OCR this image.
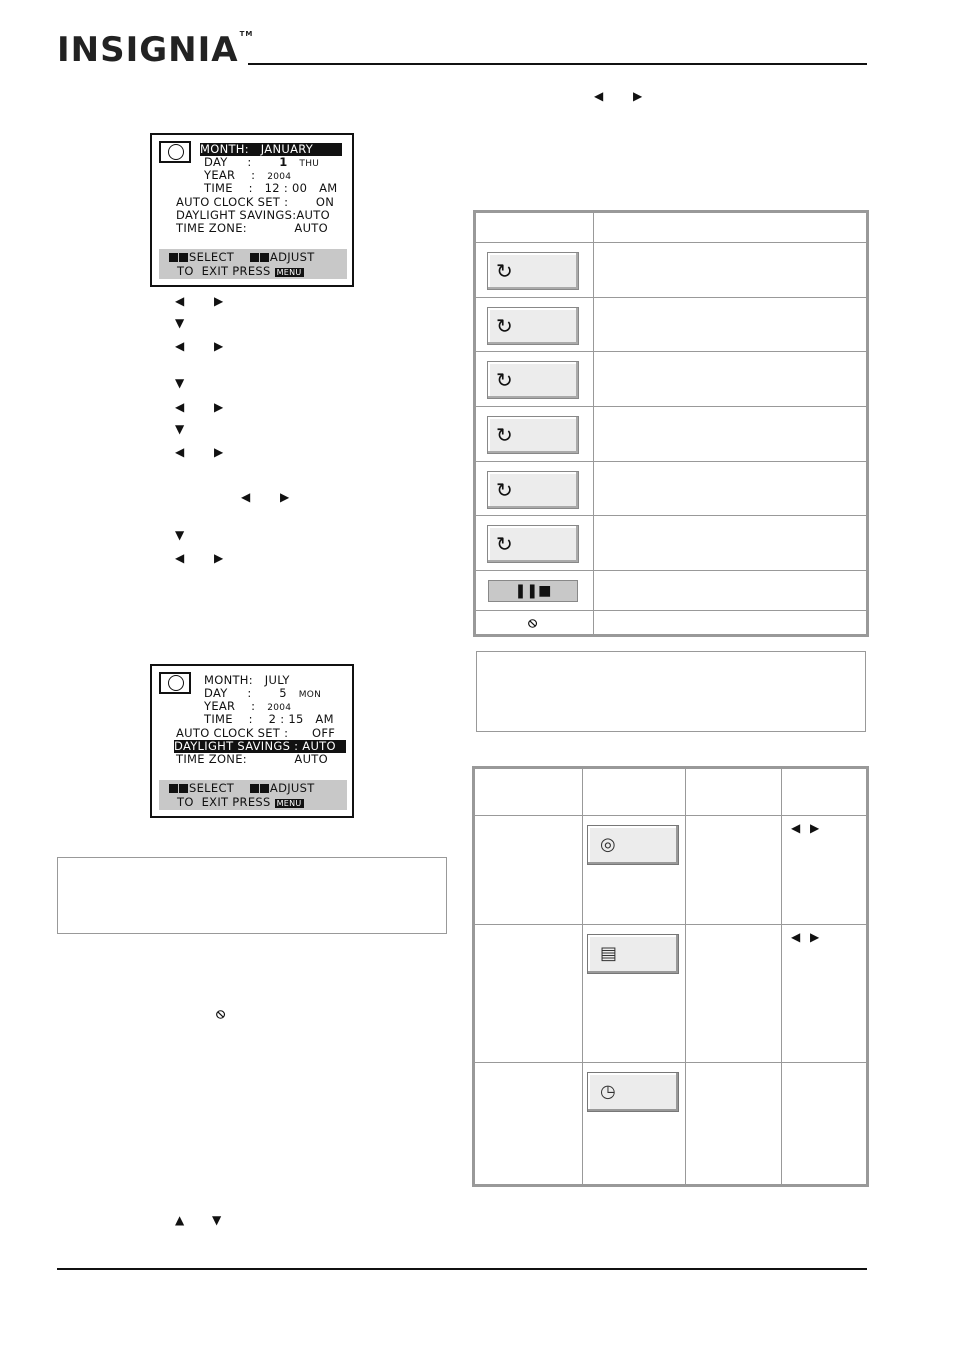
INSIGNIA™
◀ ▶
MONTH:   JANUARY
DAY     :       1 THU
YEAR    :   2004
TIME    :   12 : 00   AM
AUTO CLOCK SET :       ON
DAYLIGHT SAVINGS:AUTO
TIME ZONE:            AUTO
SELECT	ADJUST
TO  EXIT PRESS MENU
◀ ▶
▼
◀ ▶
▼
◀ ▶
▼
◀ ▶
◀ ▶
▼
◀ ▶
MONTH:   JULY
DAY     :       5 MON
YEAR    :   2004
TIME    :    2 : 15   AM
AUTO CLOCK SET :      OFF
DAYLIGHT SAVINGS : AUTO
TIME ZONE:            AUTO
SELECT	ADJUST
TO  EXIT PRESS MENU
⦸
▲ ▼

↻	

↻	

↻	

↻	

↻	

↻	

❚❚■	

⦸	

	◎		◀ ▶

	▤		◀ ▶

	◷		
